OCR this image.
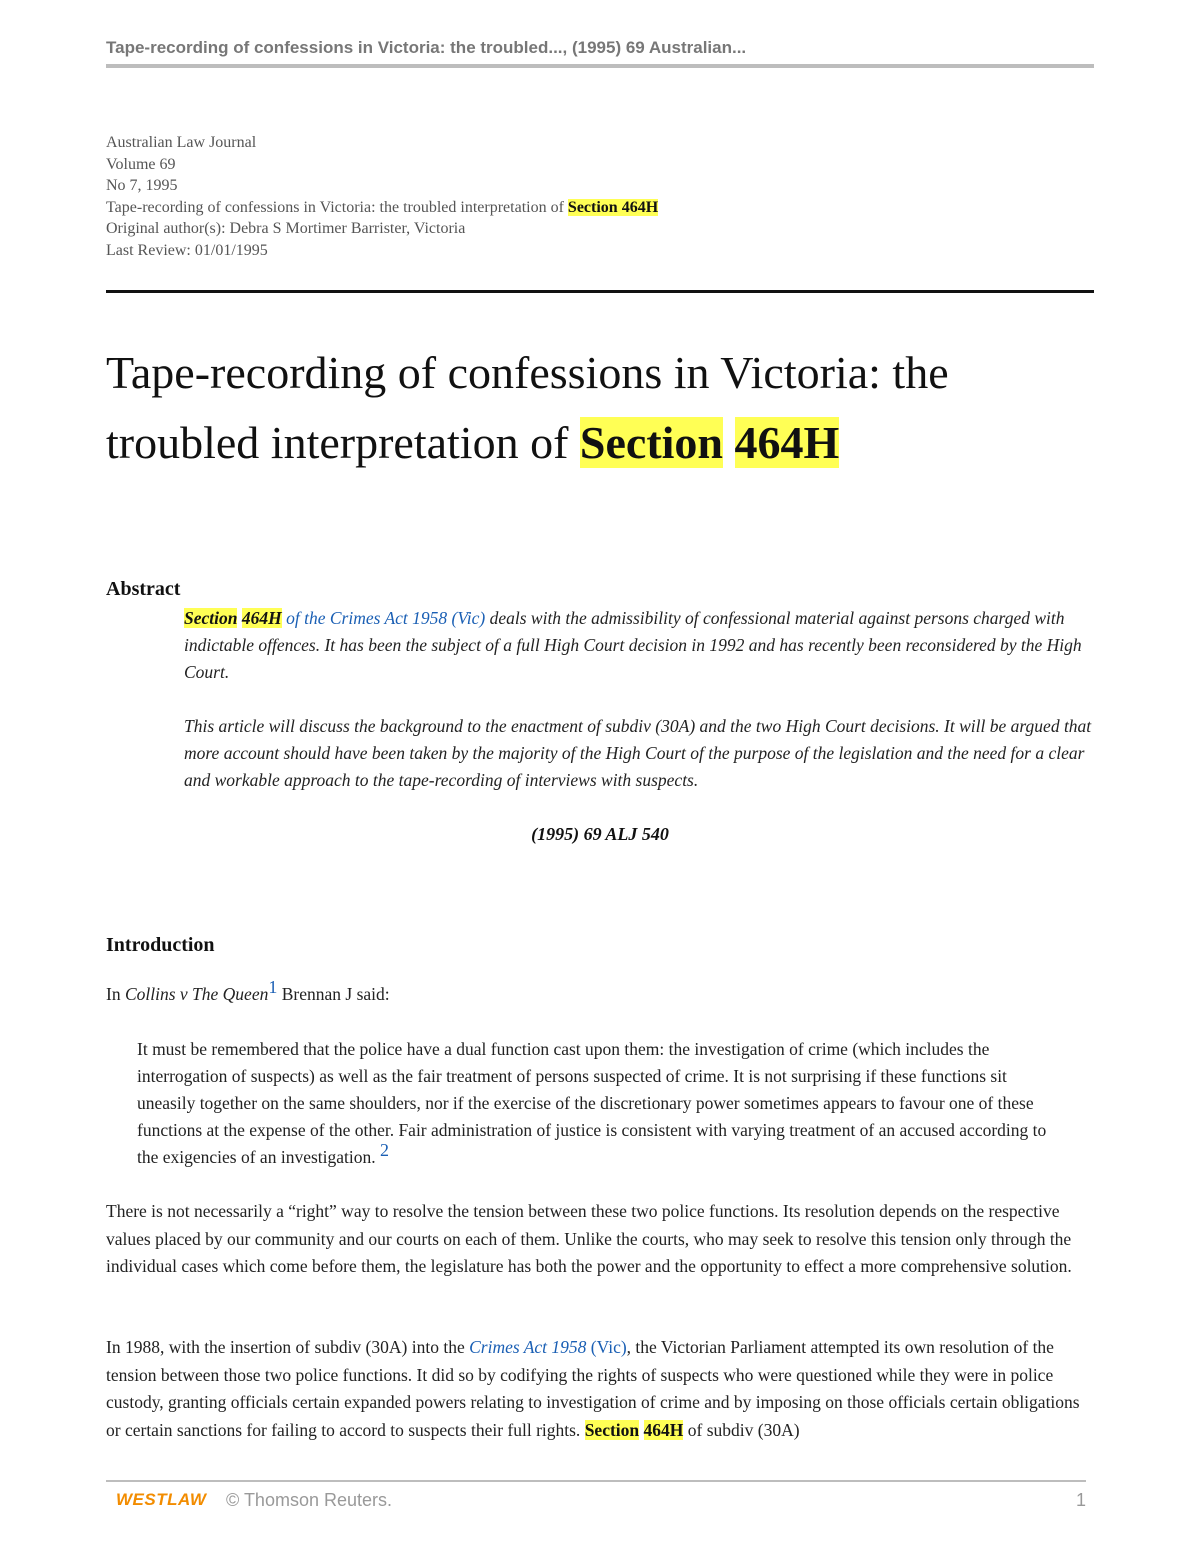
Tape-recording of confessions in Victoria: the troubled..., (1995) 69 Australian...
Australian Law Journal
Volume 69
No 7, 1995
Tape-recording of confessions in Victoria: the troubled interpretation of Section 464H
Original author(s): Debra S Mortimer Barrister, Victoria
Last Review: 01/01/1995
Tape-recording of confessions in Victoria: the troubled interpretation of Section 464H
Abstract

Section 464H of the Crimes Act 1958 (Vic) deals with the admissibility of confessional material against persons charged with indictable offences. It has been the subject of a full High Court decision in 1992 and has recently been reconsidered by the High Court.

This article will discuss the background to the enactment of subdiv (30A) and the two High Court decisions. It will be argued that more account should have been taken by the majority of the High Court of the purpose of the legislation and the need for a clear and workable approach to the tape-recording of interviews with suspects.

(1995) 69 ALJ 540
Introduction
In Collins v The Queen1 Brennan J said:

It must be remembered that the police have a dual function cast upon them: the investigation of crime (which includes the interrogation of suspects) as well as the fair treatment of persons suspected of crime. It is not surprising if these functions sit uneasily together on the same shoulders, nor if the exercise of the discretionary power sometimes appears to favour one of these functions at the expense of the other. Fair administration of justice is consistent with varying treatment of an accused according to the exigencies of an investigation. 2

There is not necessarily a “right” way to resolve the tension between these two police functions. Its resolution depends on the respective values placed by our community and our courts on each of them. Unlike the courts, who may seek to resolve this tension only through the individual cases which come before them, the legislature has both the power and the opportunity to effect a more comprehensive solution.

In 1988, with the insertion of subdiv (30A) into the Crimes Act 1958 (Vic), the Victorian Parliament attempted its own resolution of the tension between those two police functions. It did so by codifying the rights of suspects who were questioned while they were in police custody, granting officials certain expanded powers relating to investigation of crime and by imposing on those officials certain obligations or certain sanctions for failing to accord to suspects their full rights. Section 464H of subdiv (30A)

WESTLAW © Thomson Reuters.	1
